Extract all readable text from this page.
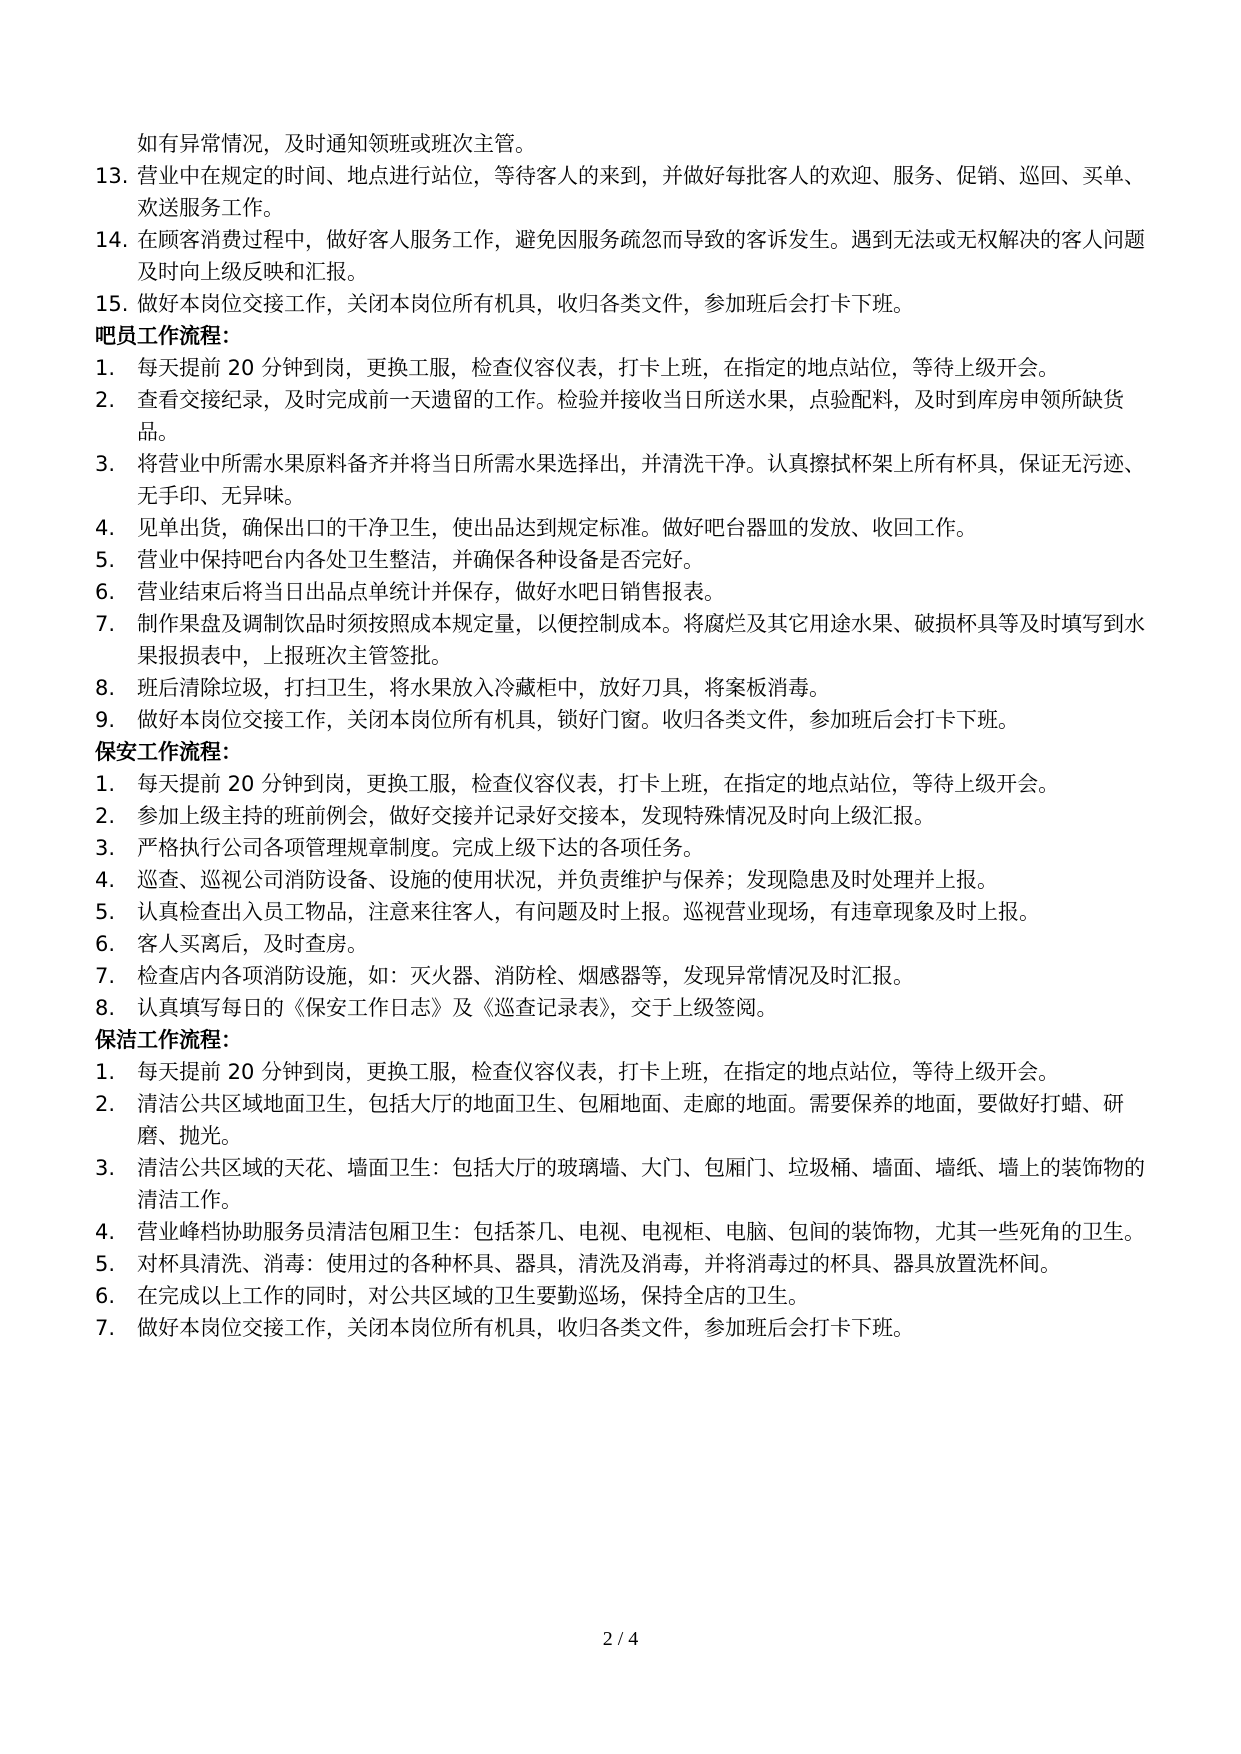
如有异常情况，及时通知领班或班次主管。
13. 营业中在规定的时间、地点进行站位，等待客人的来到，并做好每批客人的欢迎、服务、促销、巡回、买单、欢送服务工作。
14. 在顾客消费过程中，做好客人服务工作，避免因服务疏忽而导致的客诉发生。遇到无法或无权解决的客人问题及时向上级反映和汇报。
15. 做好本岗位交接工作，关闭本岗位所有机具，收归各类文件，参加班后会打卡下班。
吧员工作流程：
1.	每天提前 20 分钟到岗，更换工服，检查仪容仪表，打卡上班，在指定的地点站位，等待上级开会。
2.	查看交接纪录，及时完成前一天遗留的工作。检验并接收当日所送水果，点验配料，及时到库房申领所缺货品。
3.	将营业中所需水果原料备齐并将当日所需水果选择出，并清洗干净。认真擦拭杯架上所有杯具，保证无污迹、无手印、无异味。
4.	见单出货，确保出口的干净卫生，使出品达到规定标准。做好吧台器皿的发放、收回工作。
5.	营业中保持吧台内各处卫生整洁，并确保各种设备是否完好。
6.	营业结束后将当日出品点单统计并保存，做好水吧日销售报表。
7.	制作果盘及调制饮品时须按照成本规定量，以便控制成本。将腐烂及其它用途水果、破损杯具等及时填写到水果报损表中，上报班次主管签批。
8.	班后清除垃圾，打扫卫生，将水果放入冷藏柜中，放好刀具，将案板消毒。
9.	做好本岗位交接工作，关闭本岗位所有机具，锁好门窗。收归各类文件，参加班后会打卡下班。
保安工作流程：
1.	每天提前 20 分钟到岗，更换工服，检查仪容仪表，打卡上班，在指定的地点站位，等待上级开会。
2.	参加上级主持的班前例会，做好交接并记录好交接本，发现特殊情况及时向上级汇报。
3.	严格执行公司各项管理规章制度。完成上级下达的各项任务。
4.	巡查、巡视公司消防设备、设施的使用状况，并负责维护与保养；发现隐患及时处理并上报。
5.	认真检查出入员工物品，注意来往客人，有问题及时上报。巡视营业现场，有违章现象及时上报。
6.	客人买离后，及时查房。
7.	检查店内各项消防设施，如：灭火器、消防栓、烟感器等，发现异常情况及时汇报。
8.	认真填写每日的《保安工作日志》及《巡查记录表》，交于上级签阅。
保洁工作流程：
1.	每天提前 20 分钟到岗，更换工服，检查仪容仪表，打卡上班，在指定的地点站位，等待上级开会。
2.	清洁公共区域地面卫生，包括大厅的地面卫生、包厢地面、走廊的地面。需要保养的地面，要做好打蜡、研磨、抛光。
3.	清洁公共区域的天花、墙面卫生：包括大厅的玻璃墙、大门、包厢门、垃圾桶、墙面、墙纸、墙上的装饰物的清洁工作。
4.	营业峰档协助服务员清洁包厢卫生：包括茶几、电视、电视柜、电脑、包间的装饰物，尤其一些死角的卫生。
5.	对杯具清洗、消毒：使用过的各种杯具、器具，清洗及消毒，并将消毒过的杯具、器具放置洗杯间。
6.	在完成以上工作的同时，对公共区域的卫生要勤巡场，保持全店的卫生。
7.	做好本岗位交接工作，关闭本岗位所有机具，收归各类文件，参加班后会打卡下班。
2 / 4
